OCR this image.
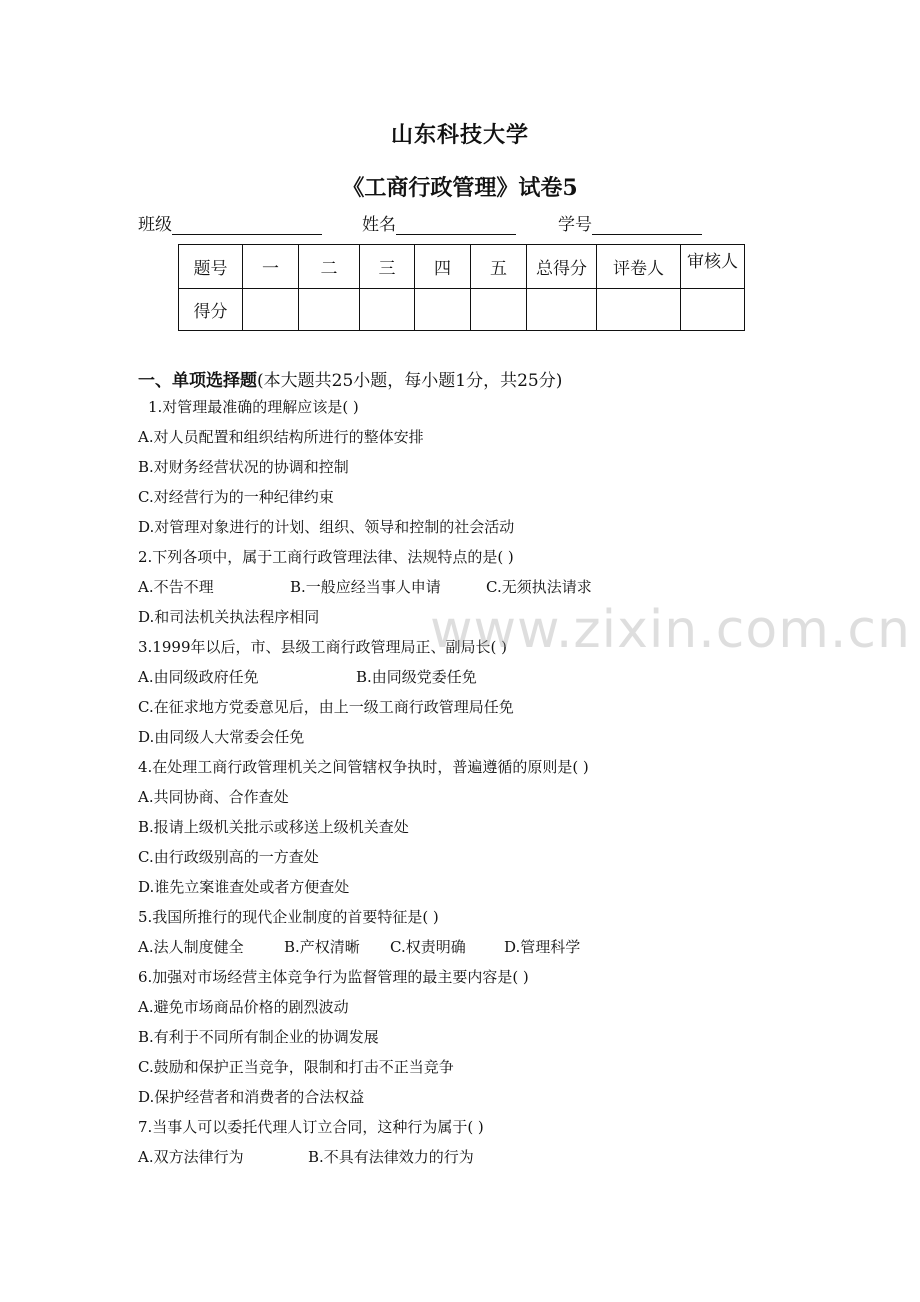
山东科技大学
《工商行政管理》试卷5
班级	姓名	学号
题号	一	二	三	四	五	总得分	评卷人	审核人
得分								
一、单项选择题(本大题共25小题，每小题1分，共25分)
1.对管理最准确的理解应该是( )
A.对人员配置和组织结构所进行的整体安排
B.对财务经营状况的协调和控制
C.对经营行为的一种纪律约束
D.对管理对象进行的计划、组织、领导和控制的社会活动
2.下列各项中，属于工商行政管理法律、法规特点的是( )
A.不告不理	B.一般应经当事人申请	C.无须执法请求
D.和司法机关执法程序相同
3.1999年以后，市、县级工商行政管理局正、副局长( )
A.由同级政府任免	B.由同级党委任免
C.在征求地方党委意见后，由上一级工商行政管理局任免
D.由同级人大常委会任免
4.在处理工商行政管理机关之间管辖权争执时，普遍遵循的原则是( )
A.共同协商、合作查处
B.报请上级机关批示或移送上级机关查处
C.由行政级别高的一方查处
D.谁先立案谁查处或者方便查处
5.我国所推行的现代企业制度的首要特征是( )
A.法人制度健全	B.产权清晰 C.权责明确	D.管理科学
6.加强对市场经营主体竞争行为监督管理的最主要内容是( )
A.避免市场商品价格的剧烈波动
B.有利于不同所有制企业的协调发展
C.鼓励和保护正当竞争，限制和打击不正当竞争
D.保护经营者和消费者的合法权益
7.当事人可以委托代理人订立合同，这种行为属于( )
A.双方法律行为	B.不具有法律效力的行为
www.zixin.com.cn
